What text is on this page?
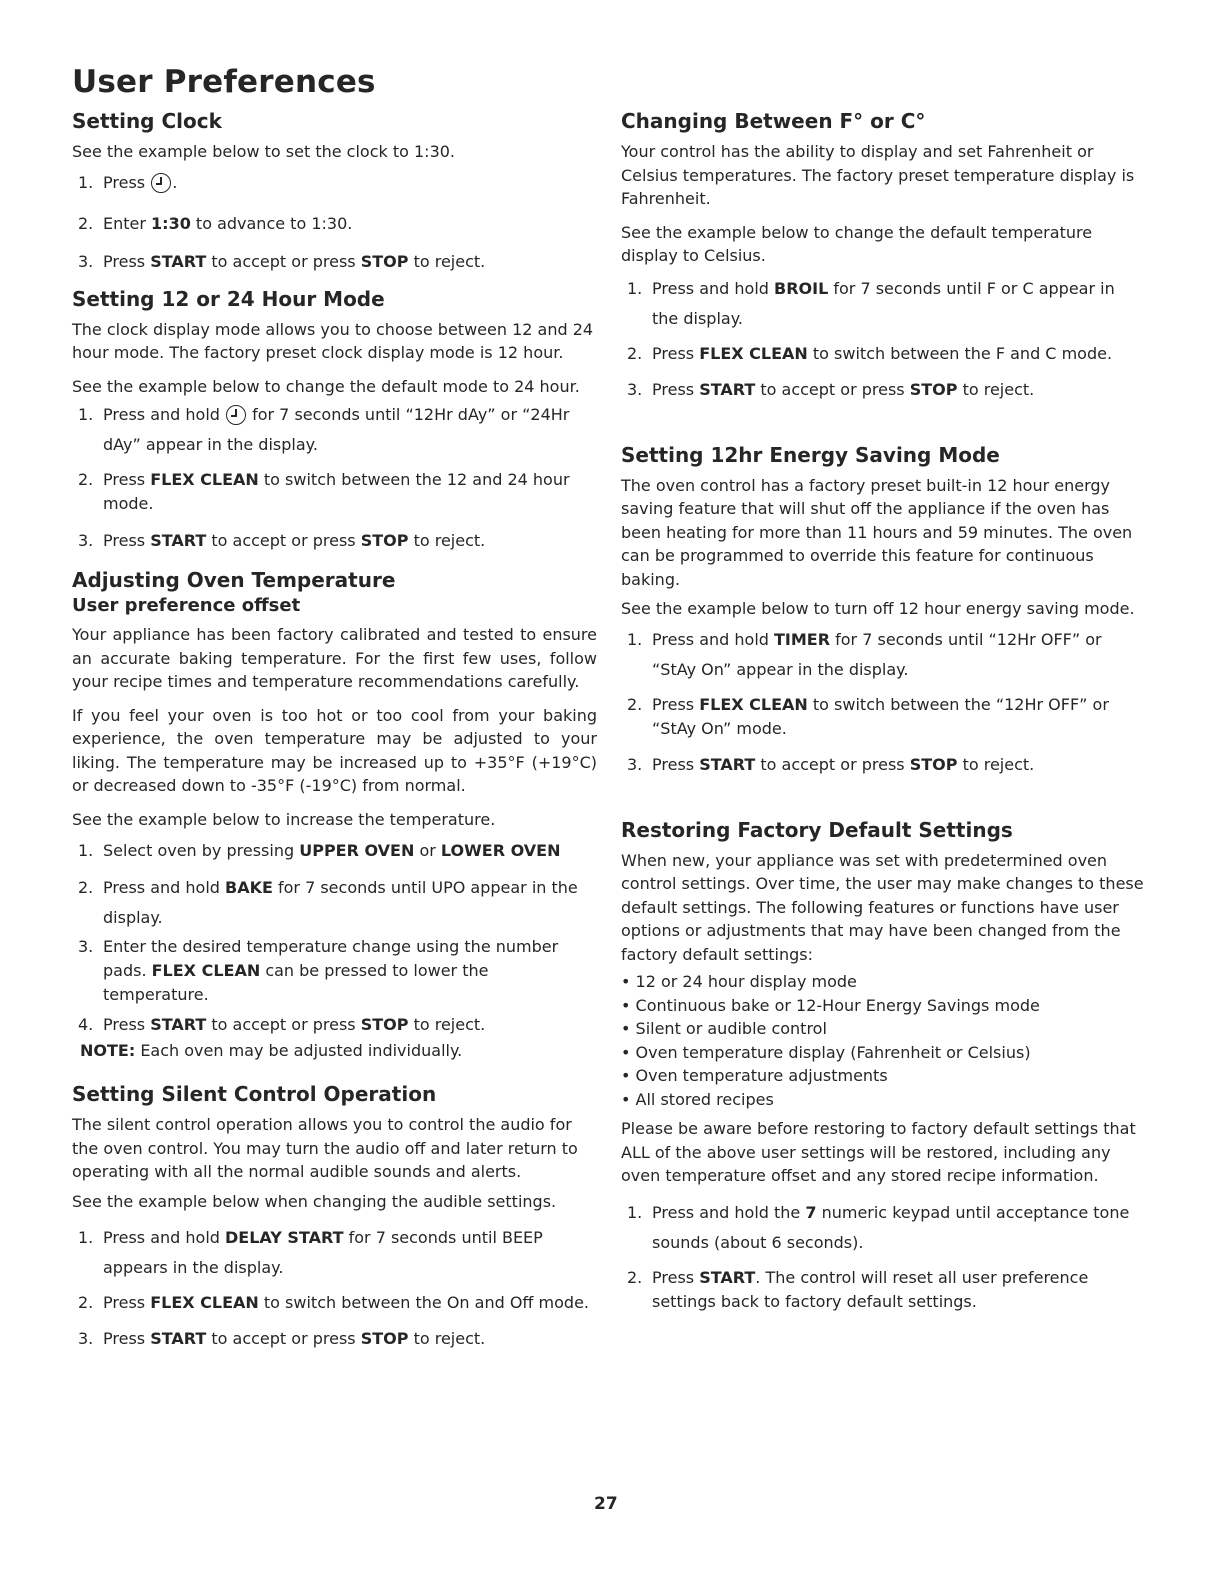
User Preferences
Setting Clock

See the example below to set the clock to 1:30.

1. Press .
2. Enter 1:30 to advance to 1:30.
3. Press START to accept or press STOP to reject.
Setting 12 or 24 Hour Mode

The clock display mode allows you to choose between 12 and 24 hour mode. The factory preset clock display mode is 12 hour.

See the example below to change the default mode to 24 hour.

1. Press and hold  for 7 seconds until “12Hr dAy” or “24Hr dAy” appear in the display.
2. Press FLEX CLEAN to switch between the 12 and 24 hour mode.
3. Press START to accept or press STOP to reject.
Adjusting Oven Temperature
User preference offset

Your appliance has been factory calibrated and tested to ensure an accurate baking temperature. For the first few uses, follow your recipe times and temperature recommendations carefully.

If you feel your oven is too hot or too cool from your baking experience, the oven temperature may be adjusted to your liking. The temperature may be increased up to +35°F (+19°C) or decreased down to -35°F (-19°C) from normal.

See the example below to increase the temperature.

1. Select oven by pressing UPPER OVEN or LOWER OVEN
2. Press and hold BAKE for 7 seconds until UPO appear in the display.
3. Enter the desired temperature change using the number pads. FLEX CLEAN can be pressed to lower the temperature.
4. Press START to accept or press STOP to reject.
NOTE: Each oven may be adjusted individually.
Setting Silent Control Operation

The silent control operation allows you to control the audio for the oven control. You may turn the audio off and later return to operating with all the normal audible sounds and alerts.

See the example below when changing the audible settings.

1. Press and hold DELAY START for 7 seconds until BEEP appears in the display.
2. Press FLEX CLEAN to switch between the On and Off mode.
3. Press START to accept or press STOP to reject.
Changing Between F° or C°

Your control has the ability to display and set Fahrenheit or Celsius temperatures. The factory preset temperature display is Fahrenheit.

See the example below to change the default temperature display to Celsius.

1. Press and hold BROIL for 7 seconds until F or C appear in the display.
2. Press FLEX CLEAN to switch between the F and C mode.
3. Press START to accept or press STOP to reject.
Setting 12hr Energy Saving Mode

The oven control has a factory preset built-in 12 hour energy saving feature that will shut off the appliance if the oven has been heating for more than 11 hours and 59 minutes. The oven can be programmed to override this feature for continuous baking.

See the example below to turn off 12 hour energy saving mode.

1. Press and hold TIMER for 7 seconds until “12Hr OFF” or “StAy On” appear in the display.
2. Press FLEX CLEAN to switch between the “12Hr OFF” or “StAy On” mode.
3. Press START to accept or press STOP to reject.
Restoring Factory Default Settings

When new, your appliance was set with predetermined oven control settings. Over time, the user may make changes to these default settings. The following features or functions have user options or adjustments that may have been changed from the factory default settings:

• 12 or 24 hour display mode
• Continuous bake or 12-Hour Energy Savings mode
• Silent or audible control
• Oven temperature display (Fahrenheit or Celsius)
• Oven temperature adjustments
• All stored recipes

Please be aware before restoring to factory default settings that ALL of the above user settings will be restored, including any oven temperature offset and any stored recipe information.

1. Press and hold the 7 numeric keypad until acceptance tone sounds (about 6 seconds).
2. Press START. The control will reset all user preference settings back to factory default settings.
27
